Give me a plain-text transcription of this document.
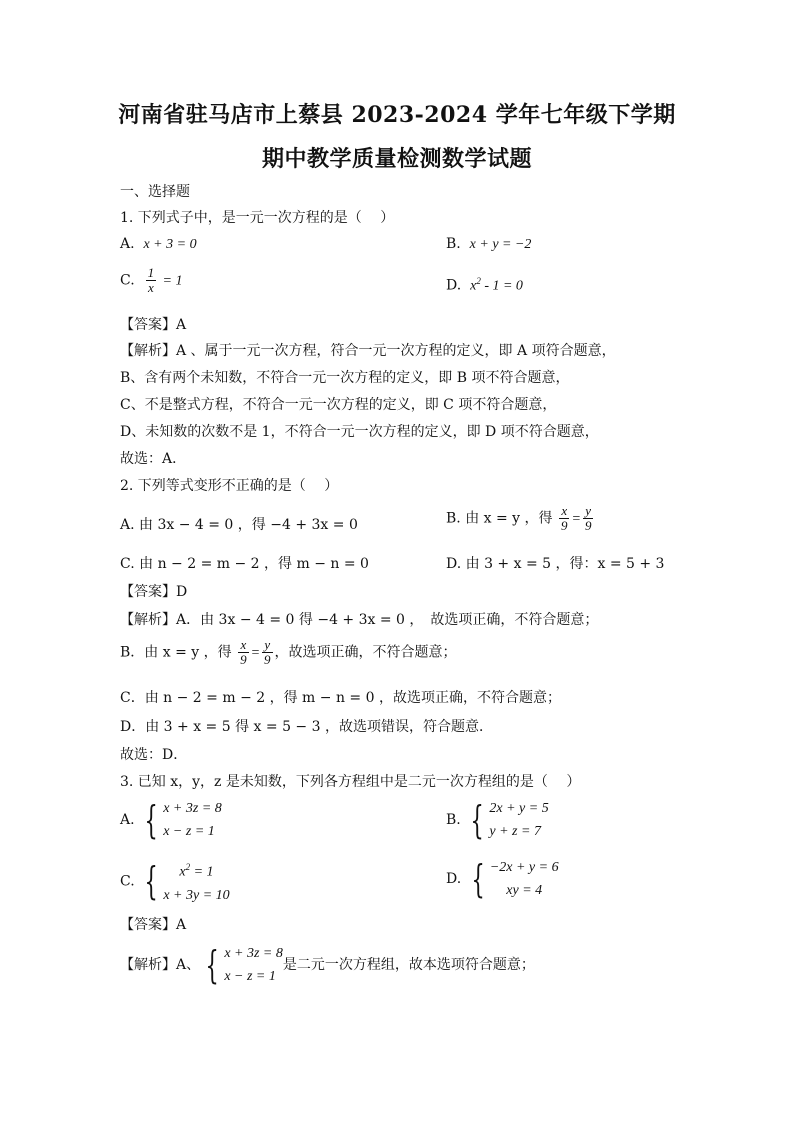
河南省驻马店市上蔡县 2023-2024 学年七年级下学期
期中教学质量检测数学试题
一、选择题
1. 下列式子中，是一元一次方程的是（　 ）
A. x + 3 = 0	B. x + y = −2
C. $\frac{1}{x} = 1$	D. $x^2 - 1 = 0$
【答案】A
【解析】A 、属于一元一次方程，符合一元一次方程的定义，即 A 项符合题意，
B、含有两个未知数，不符合一元一次方程的定义，即 B 项不符合题意，
C、不是整式方程，不符合一元一次方程的定义，即 C 项不符合题意，
D、未知数的次数不是 1，不符合一元一次方程的定义，即 D 项不符合题意，
故选：A．
2. 下列等式变形不正确的是（　 ）
A. 由 3x − 4 = 0 ，得 −4 + 3x = 0	B. 由 x = y ，得 $\frac{x}{9} = \frac{y}{9}$
C. 由 n − 2 = m − 2 ，得 m − n = 0	D. 由 3 + x = 5 ，得：x = 5 + 3
【答案】D
【解析】A．由 3x − 4 = 0 得 −4 + 3x = 0 ，　故选项正确，不符合题意；
B．由 x = y ，得 $\frac{x}{9} = \frac{y}{9}$ ，故选项正确，不符合题意；
C．由 n − 2 = m − 2 ，得 m − n = 0 ，故选项正确，不符合题意；
D．由 3 + x = 5 得 x = 5 − 3 ，故选项错误，符合题意．
故选：D．
3. 已知 x，y，z 是未知数，下列各方程组中是二元一次方程组的是（　 ）
A. { x + 3z = 8
x − z = 1
B. { 2x + y = 5
y + z = 7
C. { $x^2 = 1$
x + 3y = 10
D. { −2x + y = 6
xy = 4
【答案】A
【解析】A、 { x + 3z = 8
x − z = 1
是二元一次方程组，故本选项符合题意；
